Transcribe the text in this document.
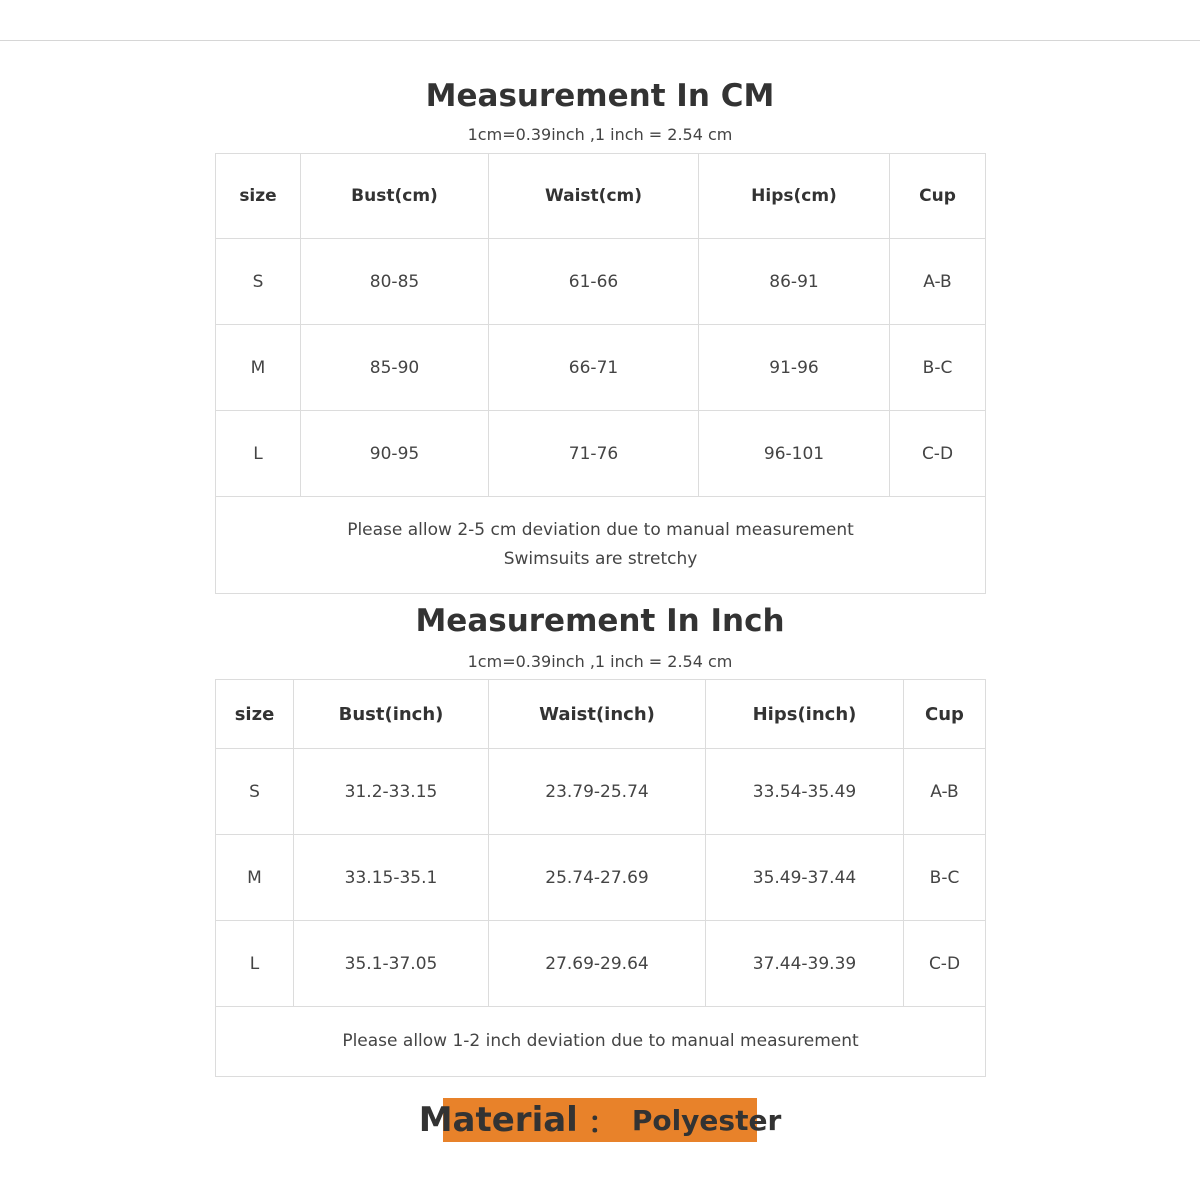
Measurement In CM

1cm=0.39inch ,1 inch = 2.54 cm

size	Bust(cm)	Waist(cm)	Hips(cm)	Cup
S	80-85	61-66	86-91	A-B
M	85-90	66-71	91-96	B-C
L	90-95	71-76	96-101	C-D

Please allow 2-5 cm deviation due to manual measurement
Swimsuits are stretchy				
Measurement In Inch

1cm=0.39inch ,1 inch = 2.54 cm

size	Bust(inch)	Waist(inch)	Hips(inch)	Cup
S	31.2-33.15	23.79-25.74	33.54-35.49	A-B
M	33.15-35.1	25.74-27.69	35.49-37.44	B-C
L	35.1-37.05	27.69-29.64	37.44-39.39	C-D

Please allow 1-2 inch deviation due to manual measurement				
Material ： Polyester
